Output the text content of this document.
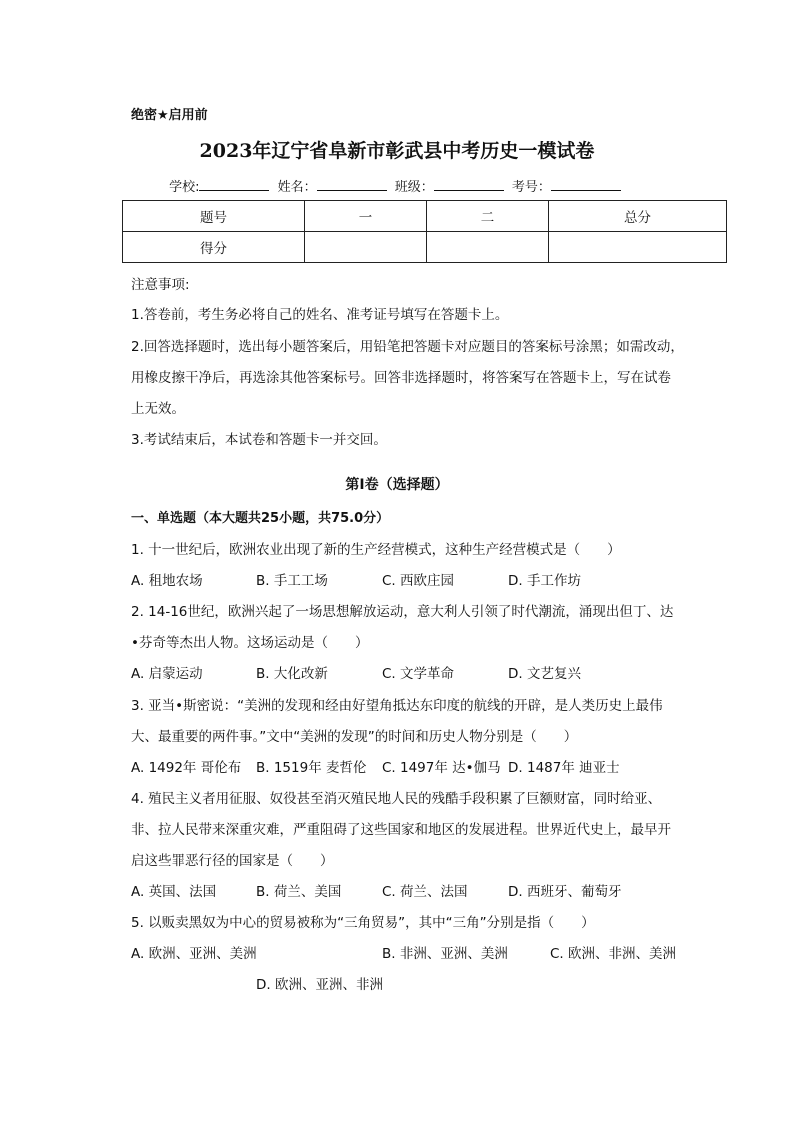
绝密★启用前
2023年辽宁省阜新市彰武县中考历史一模试卷
学校:	姓名：	班级：	考号：
题号	一	二	总分
得分			
注意事项:
1.答卷前，考生务必将自己的姓名、准考证号填写在答题卡上。
2.回答选择题时，选出每小题答案后，用铅笔把答题卡对应题目的答案标号涂黑；如需改动，
用橡皮擦干净后，再选涂其他答案标号。回答非选择题时，将答案写在答题卡上，写在试卷
上无效。
3.考试结束后，本试卷和答题卡一并交回。
第I卷（选择题）
一、单选题（本大题共25小题，共75.0分）
1. 十一世纪后，欧洲农业出现了新的生产经营模式，这种生产经营模式是（　　）
A. 租地农场	B. 手工工场	C. 西欧庄园	D. 手工作坊
2. 14-16世纪，欧洲兴起了一场思想解放运动，意大利人引领了时代潮流，涌现出但丁、达
•芬奇等杰出人物。这场运动是（　　）
A. 启蒙运动	B. 大化改新	C. 文学革命	D. 文艺复兴
3. 亚当•斯密说：“美洲的发现和经由好望角抵达东印度的航线的开辟，是人类历史上最伟
大、最重要的两件事。”文中“美洲的发现”的时间和历史人物分别是（　　）
A. 1492年 哥伦布 B. 1519年 麦哲伦 C. 1497年 达•伽马 D. 1487年 迪亚士
4. 殖民主义者用征服、奴役甚至消灭殖民地人民的残酷手段积累了巨额财富，同时给亚、
非、拉人民带来深重灾难，严重阻碍了这些国家和地区的发展进程。世界近代史上，最早开
启这些罪恶行径的国家是（　　）
A. 英国、法国	B. 荷兰、美国	C. 荷兰、法国	D. 西班牙、葡萄牙
5. 以贩卖黑奴为中心的贸易被称为“三角贸易”，其中“三角”分别是指（　　）
A. 欧洲、亚洲、美洲	B. 非洲、亚洲、美洲	C. 欧洲、非洲、美洲
D. 欧洲、亚洲、非洲
